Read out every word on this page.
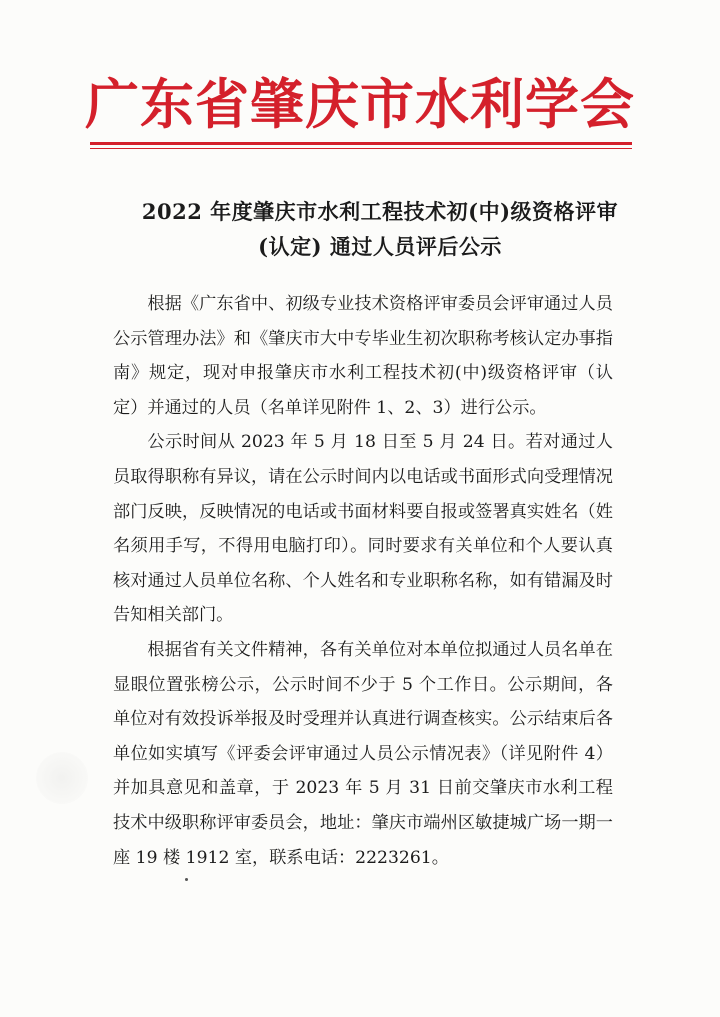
广东省肇庆市水利学会
2022 年度肇庆市水利工程技术初(中)级资格评审
(认定) 通过人员评后公示

根据《广东省中、初级专业技术资格评审委员会评审通过人员公示管理办法》和《肇庆市大中专毕业生初次职称考核认定办事指南》规定，现对申报肇庆市水利工程技术初(中)级资格评审（认定）并通过的人员（名单详见附件 1、2、3）进行公示。

公示时间从 2023 年 5 月 18 日至 5 月 24 日。若对通过人员取得职称有异议，请在公示时间内以电话或书面形式向受理情况部门反映，反映情况的电话或书面材料要自报或签署真实姓名（姓名须用手写，不得用电脑打印）。同时要求有关单位和个人要认真核对通过人员单位名称、个人姓名和专业职称名称，如有错漏及时告知相关部门。

根据省有关文件精神，各有关单位对本单位拟通过人员名单在显眼位置张榜公示，公示时间不少于 5 个工作日。公示期间，各单位对有效投诉举报及时受理并认真进行调查核实。公示结束后各单位如实填写《评委会评审通过人员公示情况表》（详见附件 4）并加具意见和盖章，于 2023 年 5 月 31 日前交肇庆市水利工程技术中级职称评审委员会，地址：肇庆市端州区敏捷城广场一期一座 19 楼 1912 室，联系电话：2223261。
